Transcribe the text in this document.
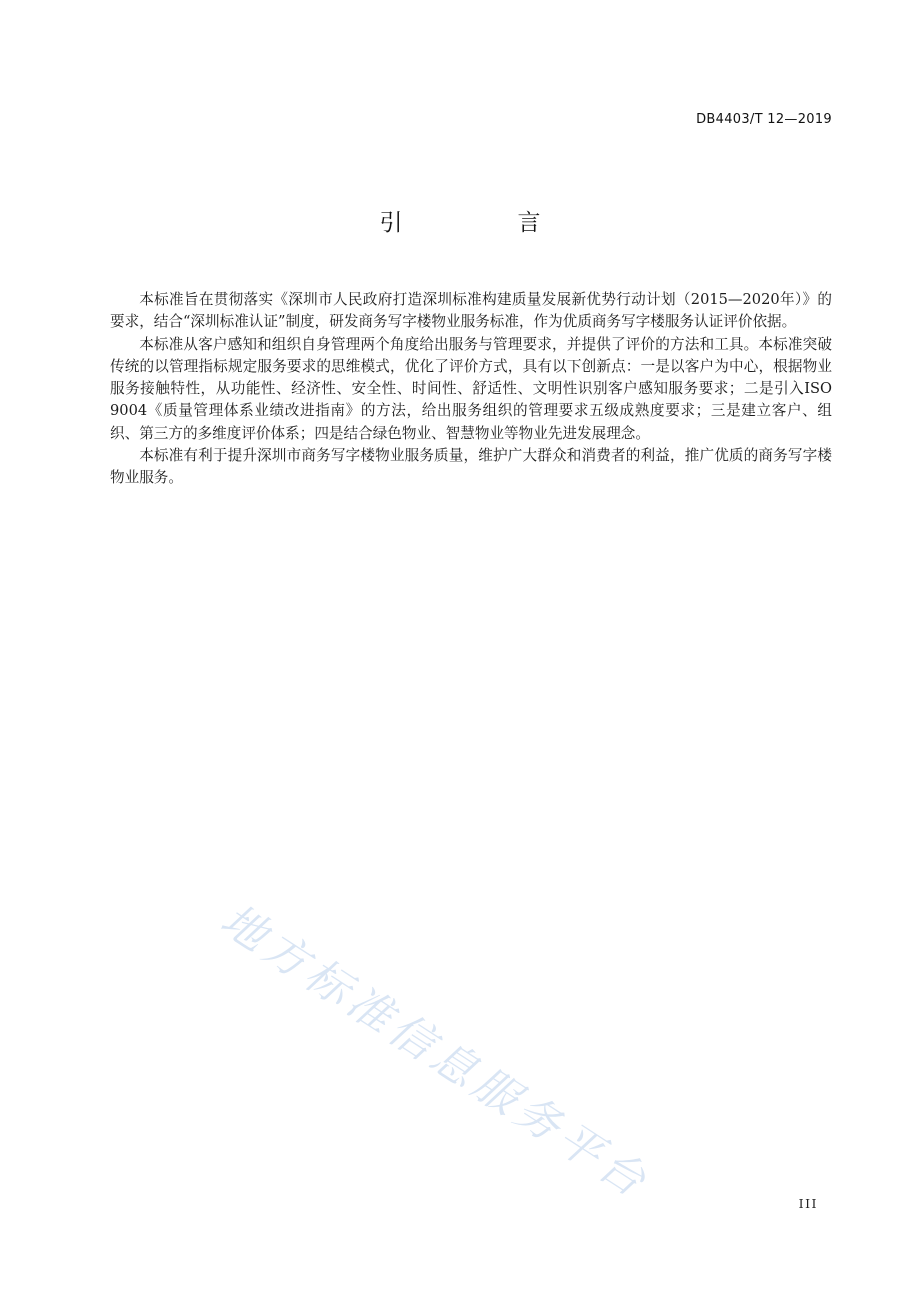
DB4403/T 12—2019
引　言

本标准旨在贯彻落实《深圳市人民政府打造深圳标准构建质量发展新优势行动计划（2015—2020年）》的要求，结合“深圳标准认证”制度，研发商务写字楼物业服务标准，作为优质商务写字楼服务认证评价依据。

本标准从客户感知和组织自身管理两个角度给出服务与管理要求，并提供了评价的方法和工具。本标准突破传统的以管理指标规定服务要求的思维模式，优化了评价方式，具有以下创新点：一是以客户为中心，根据物业服务接触特性，从功能性、经济性、安全性、时间性、舒适性、文明性识别客户感知服务要求；二是引入ISO 9004《质量管理体系业绩改进指南》的方法，给出服务组织的管理要求五级成熟度要求；三是建立客户、组织、第三方的多维度评价体系；四是结合绿色物业、智慧物业等物业先进发展理念。

本标准有利于提升深圳市商务写字楼物业服务质量，维护广大群众和消费者的利益，推广优质的商务写字楼物业服务。

地方标准信息服务平台	III
